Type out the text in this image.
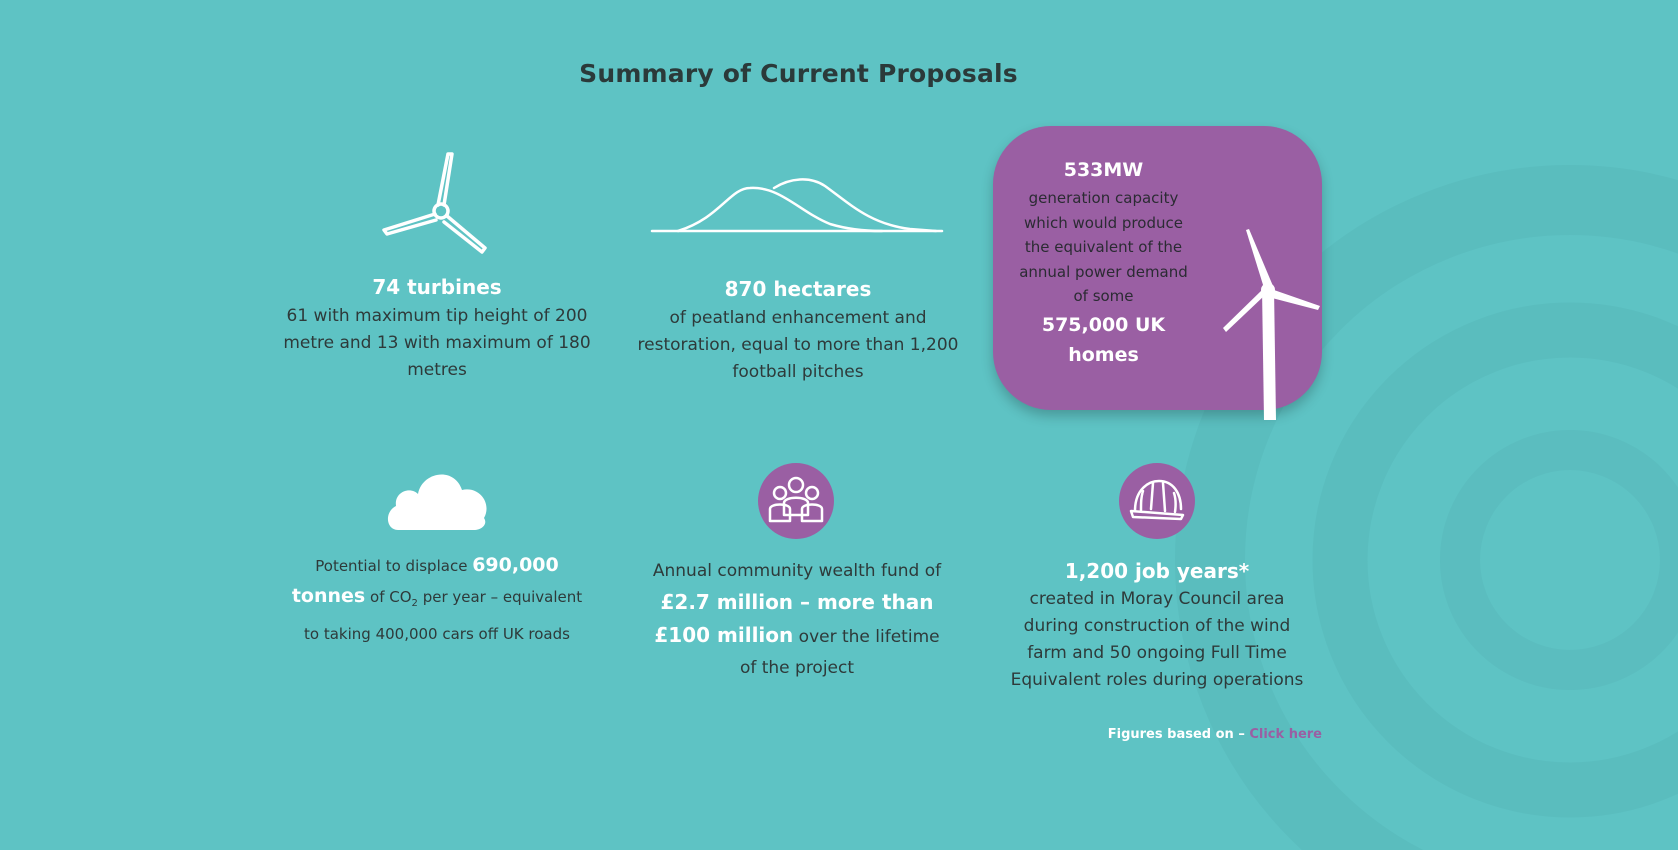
Summary of Current Proposals
74 turbines
61 with maximum tip height of 200 metre and 13 with maximum of 180 metres
870 hectares
of peatland enhancement and restoration, equal to more than 1,200 football pitches
533MW
generation capacity which would produce the equivalent of the annual power demand of some
575,000 UK homes
Potential to displace 690,000 tonnes of $CO_2$ per year – equivalent to taking 400,000 cars off UK roads
Annual community wealth fund of £2.7 million – more than £100 million over the lifetime of the project
1,200 job years*
created in Moray Council area during construction of the wind farm and 50 ongoing Full Time Equivalent roles during operations
Figures based on – Click here
